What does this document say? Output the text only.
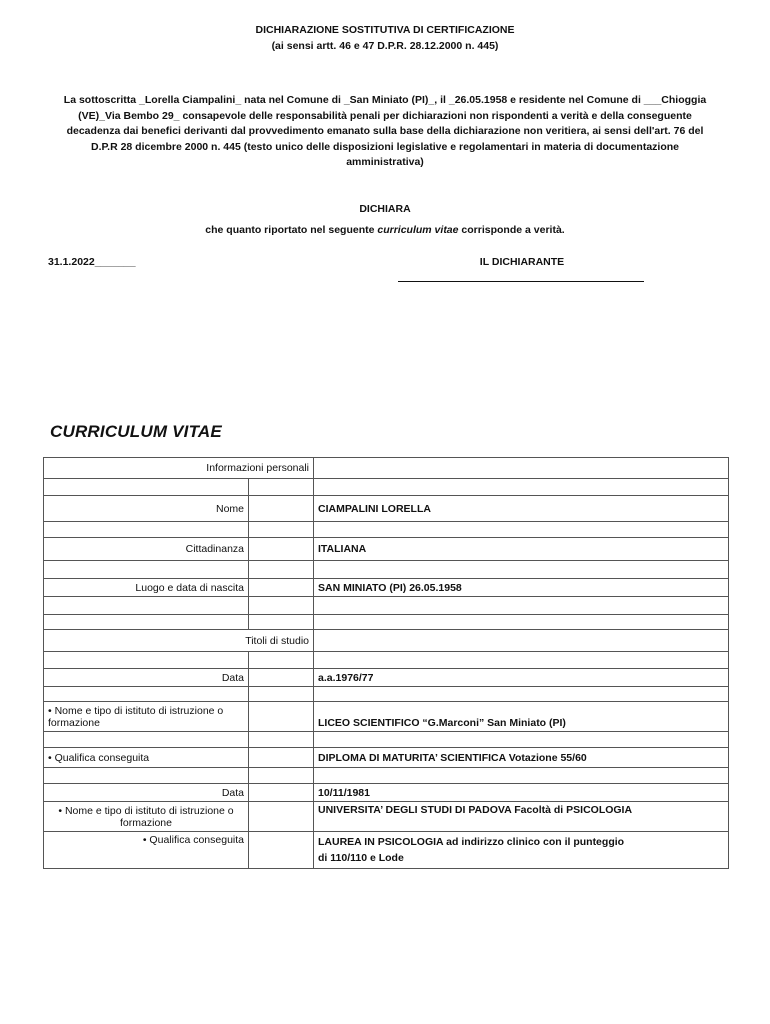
DICHIARAZIONE SOSTITUTIVA DI CERTIFICAZIONE
(ai sensi artt. 46 e 47 D.P.R. 28.12.2000 n. 445)
La sottoscritta _Lorella Ciampalini_ nata nel Comune di _San Miniato (PI)_, il _26.05.1958 e residente nel Comune di ___Chioggia (VE)_Via Bembo 29_ consapevole delle responsabilità penali per dichiarazioni non rispondenti a verità e della conseguente decadenza dai benefici derivanti dal provvedimento emanato sulla base della dichiarazione non veritiera, ai sensi dell'art. 76 del D.P.R 28 dicembre 2000 n. 445 (testo unico delle disposizioni legislative e regolamentari in materia di documentazione amministrativa)
DICHIARA
che quanto riportato nel seguente curriculum vitae corrisponde a verità.
31.1.2022_______	IL DICHIARANTE
CURRICULUM VITAE
Informazioni personali		

Nome		CIAMPALINI LORELLA

Cittadinanza		ITALIANA

Luogo e data di nascita		SAN MINIATO (PI) 26.05.1958

Titoli di studio		

Data		a.a.1976/77

• Nome e tipo di istituto di istruzione o formazione		LICEO SCIENTIFICO “G.Marconi” San Miniato (PI)

• Qualifica conseguita		DIPLOMA DI MATURITA’ SCIENTIFICA Votazione 55/60

Data		10/11/1981
• Nome e tipo di istituto di istruzione o formazione		UNIVERSITA’ DEGLI STUDI DI PADOVA Facoltà di PSICOLOGIA
• Qualifica conseguita		LAUREA IN PSICOLOGIA ad indirizzo clinico con il punteggio
di 110/110 e Lode
